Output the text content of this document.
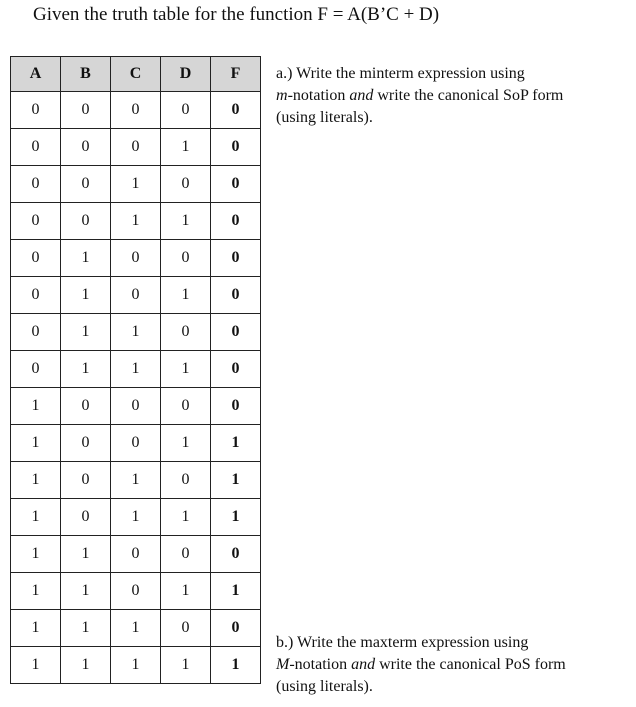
Given the truth table for the function F = A(B’C + D)
A	B	C	D	F
0	0	0	0	0
0	0	0	1	0
0	0	1	0	0
0	0	1	1	0
0	1	0	0	0
0	1	0	1	0
0	1	1	0	0
0	1	1	1	0
1	0	0	0	0
1	0	0	1	1
1	0	1	0	1
1	0	1	1	1
1	1	0	0	0
1	1	0	1	1
1	1	1	0	0
1	1	1	1	1

a.) Write the minterm expression using

m-notation and write the canonical SoP form

(using literals).

b.) Write the maxterm expression using

M-notation and write the canonical PoS form

(using literals).
